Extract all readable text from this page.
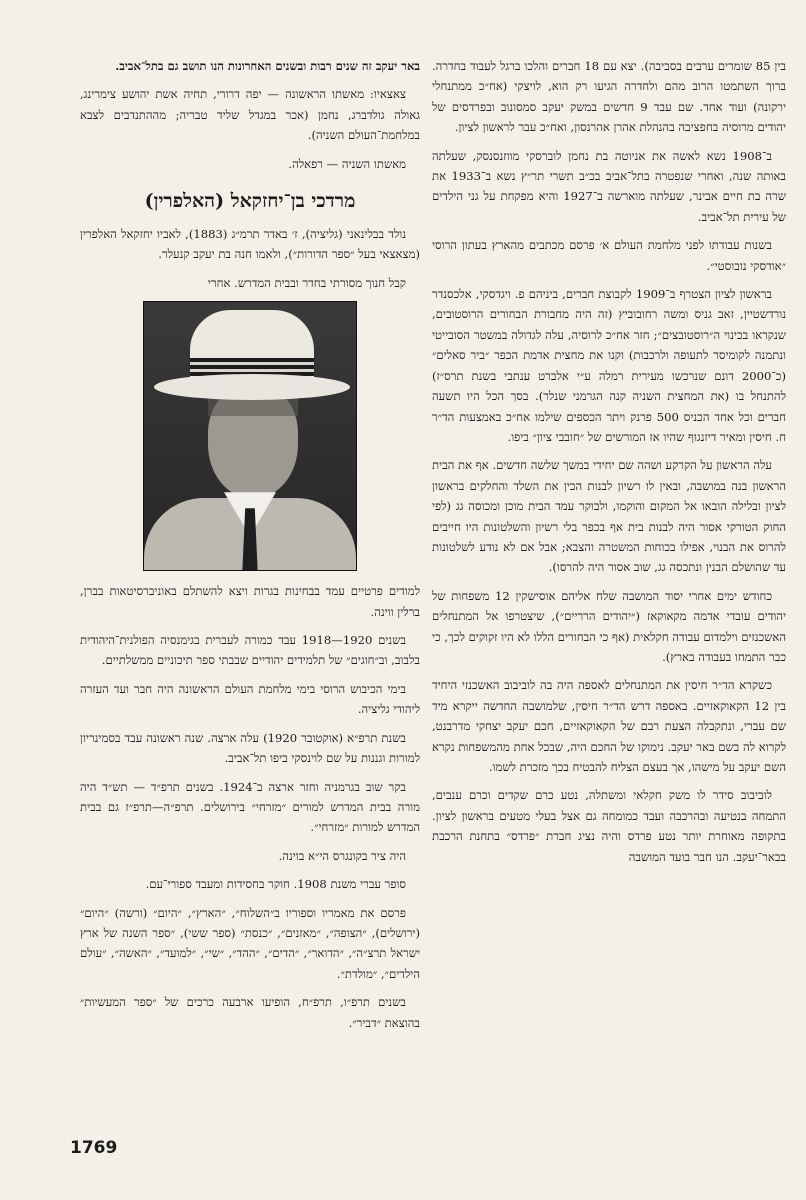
בין 85 שומרים ערבים בסביבה). יצא עם 18 חברים והלכו ברגל לעבוד בחדרה. ברוך השתמטו הרוב מהם ולחדרה הגיעו רק הוא, לויצקי (אח״כ ממתנחלי ירקונה) ועוד אחד. שם עבד 9 חדשים במשק יעקב סמסונוב ובפרדסים של יהודים מרוסיה בחפציבה בהנהלת אהרן אהרנסון, ואח״כ עבר לראשון לציון.

ב־1908 נשא לאשה את אניוטה בת נחמן לוברסקי מווזנסנסק, שעלתה באותה שנה, ואחרי שנפטרה בתל־אביב בכ״ב תשרי תר״ץ נשא ב־1933 את שרה בת חיים אבינר, שעלתה מוארשה ב־1927 והיא מפקחת על גני הילדים של עירית תל־אביב.

בשנות עבודתו לפני מלחמת העולם א׳ פרסם מכתבים מהארץ בעתון הרוסי ״אודסקי נובוסטי״.

בראשון לציון הצטרף ב־1909 לקבוצת חברים, ביניהם פ. ויגדסקי, אלכסנדר נורדשטיין, זאב גניס ומשה רחובוביץ (זה היה מחבורת הבחורים הרוסטובים, שנקראו בכינוי ה״רוסטובצים״; חזר אח״כ לרוסיה, עלה לגדולה במשטר הסובייטי ונתמנה לקומיסר לתעופה ולרכבות) וקנו את מחצית אדמת הכפר ״ביר סאלים״ (כ־2000 דונם שנרכשו מעירית רמלה ע״י אלברט ענתבי בשנת תרס״ז) להתנחל בו (את המחצית השניה קנה הגרמני שנלר). בסך הכל היו תשעה חברים וכל אחד הכניס 500 פרנק ויתר הכספים שילמו אח״כ באמצעות הד״ר ח. חיסין ומאיר דיזנגוף שהיו אז המורשים של ״חובבי ציון״ ביפו.

עלה הראשון על הקרקע ושהה שם יחידי במשך שלשה חדשים. אף את הבית הראשון בנה במושבה, ובאין לו רשיון לבנות הכין את השלד והחלקים בראשון לציון ובלילה הובאו אל המקום והוקמו, ולבוקר עמד הבית מוכן ומכוסה גג (לפי החוק הטורקי אסור היה לבנות בית אף בכפר בלי רשיון והשלטונות היו חייבים להרוס את הבנוי, אפילו בכוחות המשטרה והצבא; אבל אם לא נודע לשלטונות עד שהושלם הבנין ונתכסה גג, שוב אסור היה להרסו).

כחודש ימים אחרי יסוד המושבה שלח אליהם אוסישקין 12 משפחות של יהודים עובדי אדמה מקאוקאז (״יהודים הרריים״), שיצטרפו אל המתנחלים האשכנזים וילמדום עבודה חקלאית (אף כי הבחורים הללו לא היו זקוקים לכך, כי כבר התמחו בעבודה בארץ).

כשקרא הד״ר חיסין את המתנחלים לאספה היה בה לוביבוב האשכנזי היחיד בין 12 הקאוקאזיים. באספה דרש הד״ר חיסין, שלמושבה החדשה ייקרא מיד שם עברי, ונתקבלה הצעת רבם של הקאוקאזיים, חכם יעקב יצחקי מדרבנט, לקרוא לה בשם באר יעקב. נימוקו של החכם היה, שבכל אחת מהמשפחות נקרא השם יעקב על מישהו, אך בעצם הצליח להבטיח בכך מזכרת לשמו.

לוביבוב סידר לו משק חקלאי ומשתלה, נטע כרם שקדים וכרם ענבים, התמחה בנטיעה ובהרכבה ועבד כמומחה גם אצל בעלי מטעים בראשון לציון. בתקופה מאוחרת יותר נטע פרדס והיה נציג חברת ״פרדס״ בתחנת הרכבת בבאר־יעקב. הנו חבר בועד המושבה

באר יעקב זה שנים רבות ובשנים האחרונות הנו תושב גם בתל־אביב.

צאצאיו: מאשתו הראשונה — יפה דרורי, תחיה אשת יהושע צימרינג, גאולה גולדברג, נחמן (אכר במגדל שליד טבריה; מההתנדבים לצבא במלחמת־העולם השניה).

מאשתו השניה — רפאלה.

מרדכי בן־יחזקאל (האלפרין)

נולד בבלינאני (גליציה), ז׳ באדר תרמ״ג (1883), לאביו יחזקאל האלפרין (מצאצאי בעל ״ספר הדורות״), ולאמו חנה בת יעקב קנעלר.

קבל חנוך מסורתי בחדר ובבית המדרש. אחרי

למודים פרטיים עמד בבחינות בגרות ויצא להשתלם באוניברסיטאות בברן, ברלין ווינה.

בשנים 1920—1918 עבד כמורה לעברית בגימנסיה הפולנית־היהודית בלבוב, וב״חוגים״ של תלמידים יהודיים שבבתי ספר תיכוניים ממשלתיים.

בימי הכיבוש הרוסי בימי מלחמת העולם הראשונה היה חבר ועד העזרה ליהודי גליציה.

בשנת תרפ״א (אוקטובר 1920) עלה ארצה. שנה ראשונה עבד בסמינריון למורות וגננות על שם לוינסקי ביפו תל־אביב.

בקר שוב בגרמניה וחזר ארצה ב־1924. בשנים תרפ״ד — תש״ד היה מורה בבית המדרש למורים ״מזרחי״ בירושלים. תרפ״ה—תרפ״ז גם בבית המדרש למורות ״מזרחי״.

היה ציר בקונגרס הי״א בוינה.

סופר עברי משנת 1908. חוקר בחסידות ומעבד ספורי־עם.

פרסם את מאמריו וספוריו ב״השלוח״, ״הארץ״, ״היום״ (ורשה) ״היום״ (ירושלים), ״הצופה״, ״מאזנים״, ״כנסת״ (ספר ששי), ״ספר השנה של ארץ ישראל תרצ״ה״, ״הדואר״, ״הדים״, ״ההד״, ״שי״, ״למועד״, ״האשה״, ״עולם הילדים״, ״מולדת״.

בשנים תרפ״ו, תרפ״ח, הופיעו ארבעה כרכים של ״ספר המעשיות״ בהוצאת ״דביר״.

1769
